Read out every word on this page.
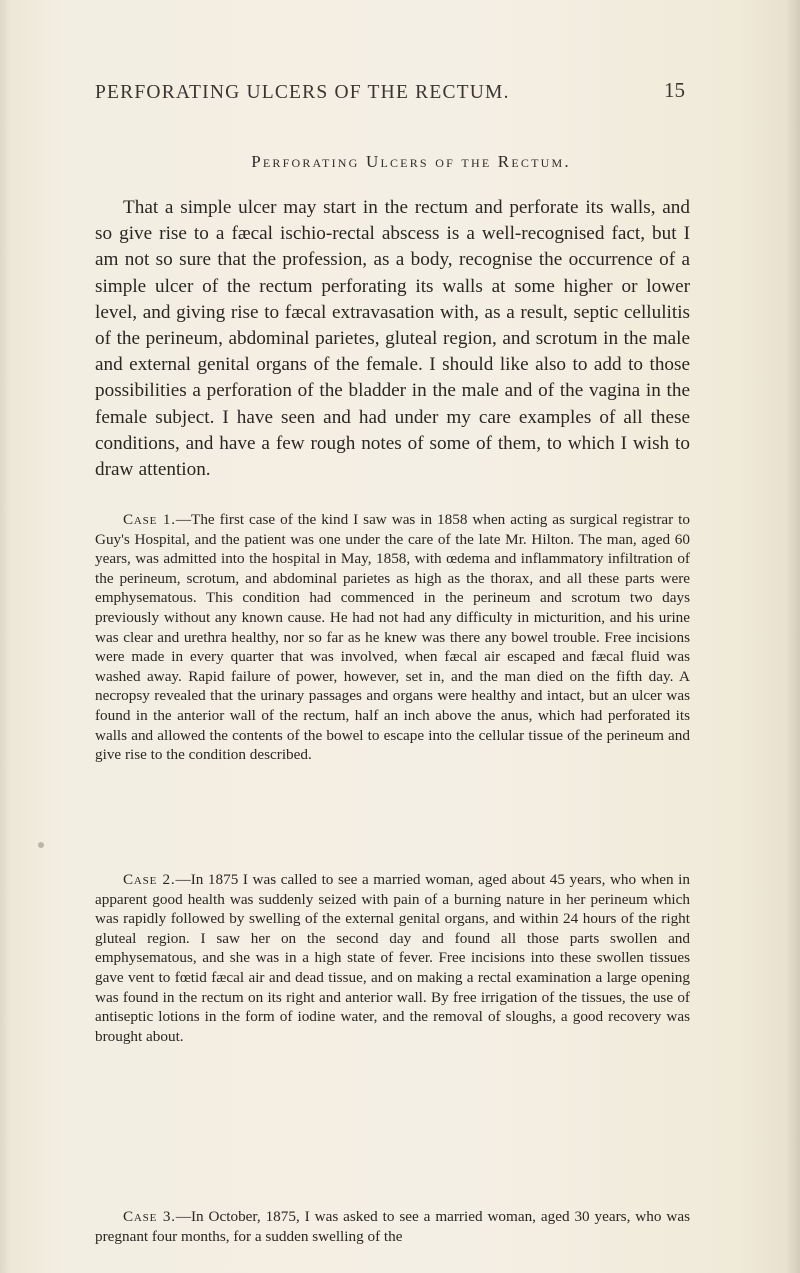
PERFORATING ULCERS OF THE RECTUM.	15
Perforating Ulcers of the Rectum.

That a simple ulcer may start in the rectum and perforate its walls, and so give rise to a fæcal ischio-rectal abscess is a well-recognised fact, but I am not so sure that the profession, as a body, recognise the occurrence of a simple ulcer of the rectum perforating its walls at some higher or lower level, and giving rise to fæcal extravasation with, as a result, septic cellulitis of the perineum, abdominal parietes, gluteal region, and scrotum in the male and external genital organs of the female. I should like also to add to those possibilities a perforation of the bladder in the male and of the vagina in the female subject. I have seen and had under my care examples of all these conditions, and have a few rough notes of some of them, to which I wish to draw attention.

Case 1.—The first case of the kind I saw was in 1858 when acting as surgical registrar to Guy's Hospital, and the patient was one under the care of the late Mr. Hilton. The man, aged 60 years, was admitted into the hospital in May, 1858, with œdema and inflammatory infiltration of the perineum, scrotum, and abdominal parietes as high as the thorax, and all these parts were emphysematous. This condition had commenced in the perineum and scrotum two days previously without any known cause. He had not had any difficulty in micturition, and his urine was clear and urethra healthy, nor so far as he knew was there any bowel trouble. Free incisions were made in every quarter that was involved, when fæcal air escaped and fæcal fluid was washed away. Rapid failure of power, however, set in, and the man died on the fifth day. A necropsy revealed that the urinary passages and organs were healthy and intact, but an ulcer was found in the anterior wall of the rectum, half an inch above the anus, which had perforated its walls and allowed the contents of the bowel to escape into the cellular tissue of the perineum and give rise to the condition described.

Case 2.—In 1875 I was called to see a married woman, aged about 45 years, who when in apparent good health was suddenly seized with pain of a burning nature in her perineum which was rapidly followed by swelling of the external genital organs, and within 24 hours of the right gluteal region. I saw her on the second day and found all those parts swollen and emphysematous, and she was in a high state of fever. Free incisions into these swollen tissues gave vent to fœtid fæcal air and dead tissue, and on making a rectal examination a large opening was found in the rectum on its right and anterior wall. By free irrigation of the tissues, the use of antiseptic lotions in the form of iodine water, and the removal of sloughs, a good recovery was brought about.

Case 3.—In October, 1875, I was asked to see a married woman, aged 30 years, who was pregnant four months, for a sudden swelling of the
